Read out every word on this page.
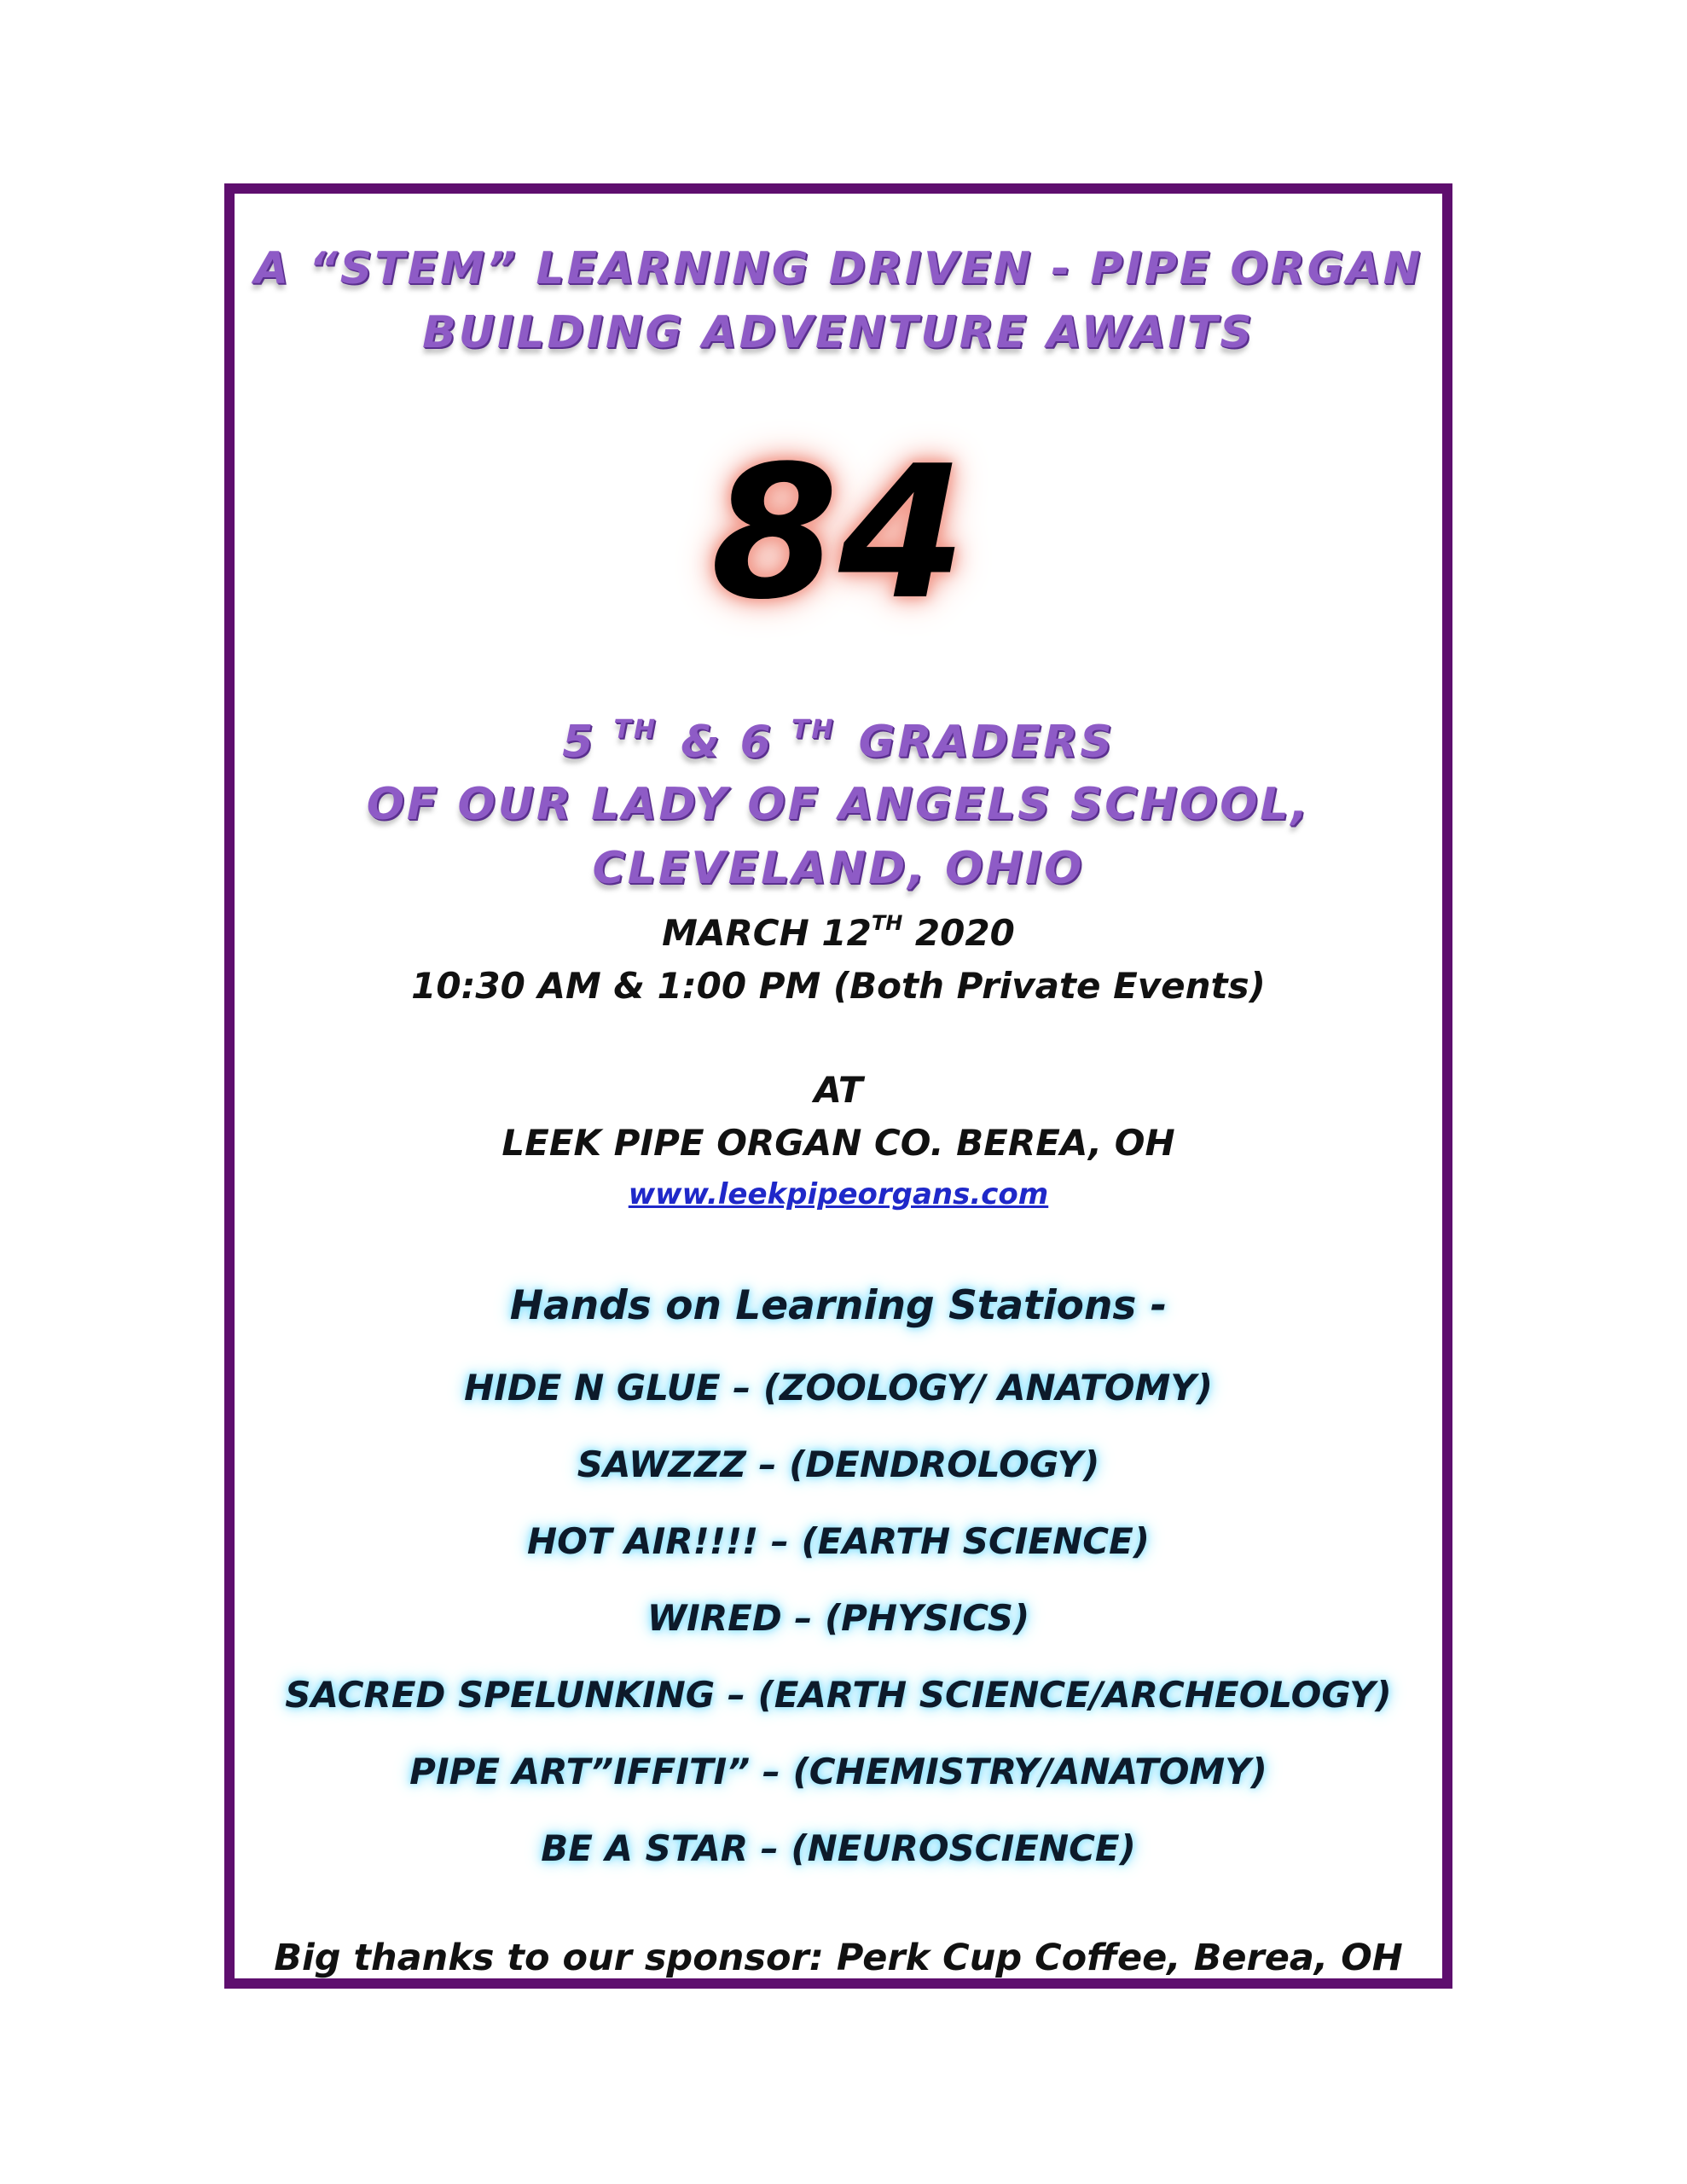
A “STEM” LEARNING DRIVEN - PIPE ORGAN
BUILDING ADVENTURE AWAITS
84
5 $^{TH}$ & 6 $^{TH}$ GRADERS
OF OUR LADY OF ANGELS SCHOOL,
CLEVELAND, OHIO
MARCH 12TH 2020
10:30 AM & 1:00 PM (Both Private Events)
AT
LEEK PIPE ORGAN CO. BEREA, OH
www.leekpipeorgans.com
Hands on Learning Stations -
HIDE N GLUE – (ZOOLOGY/ ANATOMY)
SAWZZZ – (DENDROLOGY)
HOT AIR!!!! – (EARTH SCIENCE)
WIRED – (PHYSICS)
SACRED SPELUNKING – (EARTH SCIENCE/ARCHEOLOGY)
PIPE ART”IFFITI” – (CHEMISTRY/ANATOMY)
BE A STAR – (NEUROSCIENCE)
Big thanks to our sponsor: Perk Cup Coffee, Berea, OH
